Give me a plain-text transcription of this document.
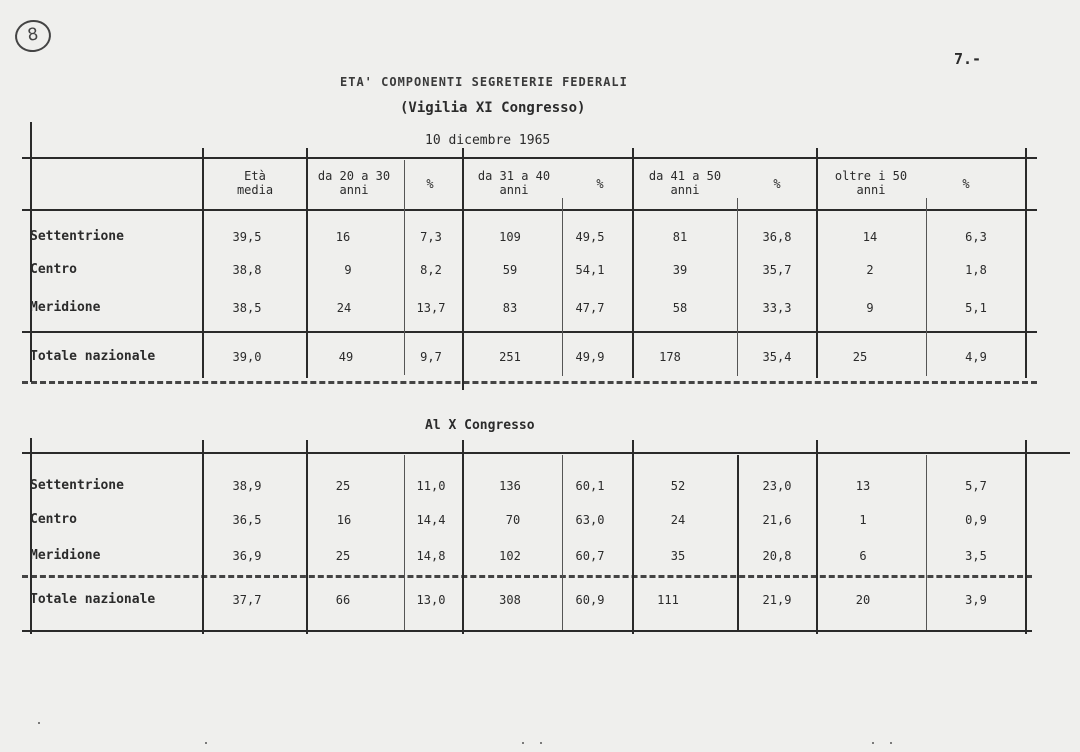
8
7.-
ETA' COMPONENTI SEGRETERIE FEDERALI
(Vigilia XI Congresso)
10 dicembre 1965
Età
media
da 20 a 30
anni	%
da 31 a 40
anni	%
da 41 a 50
anni	%
oltre i 50
anni	%
Settentrione	39,5	16	7,3	109	49,5	81	36,8	14	6,3
Centro	38,8	9	8,2	59	54,1	39	35,7	2	1,8
Meridione	38,5	24	13,7	83	47,7	58	33,3	9	5,1
Totale nazionale	39,0	49	9,7	251	49,9	178	35,4	25	4,9
Al X Congresso
Settentrione	38,9	25	11,0	136	60,1	52	23,0	13	5,7
Centro	36,5	16	14,4	70	63,0	24	21,6	1	0,9
Meridione	36,9	25	14,8	102	60,7	35	20,8	6	3,5
Totale nazionale	37,7	66	13,0	308	60,9	111	21,9	20	3,9
